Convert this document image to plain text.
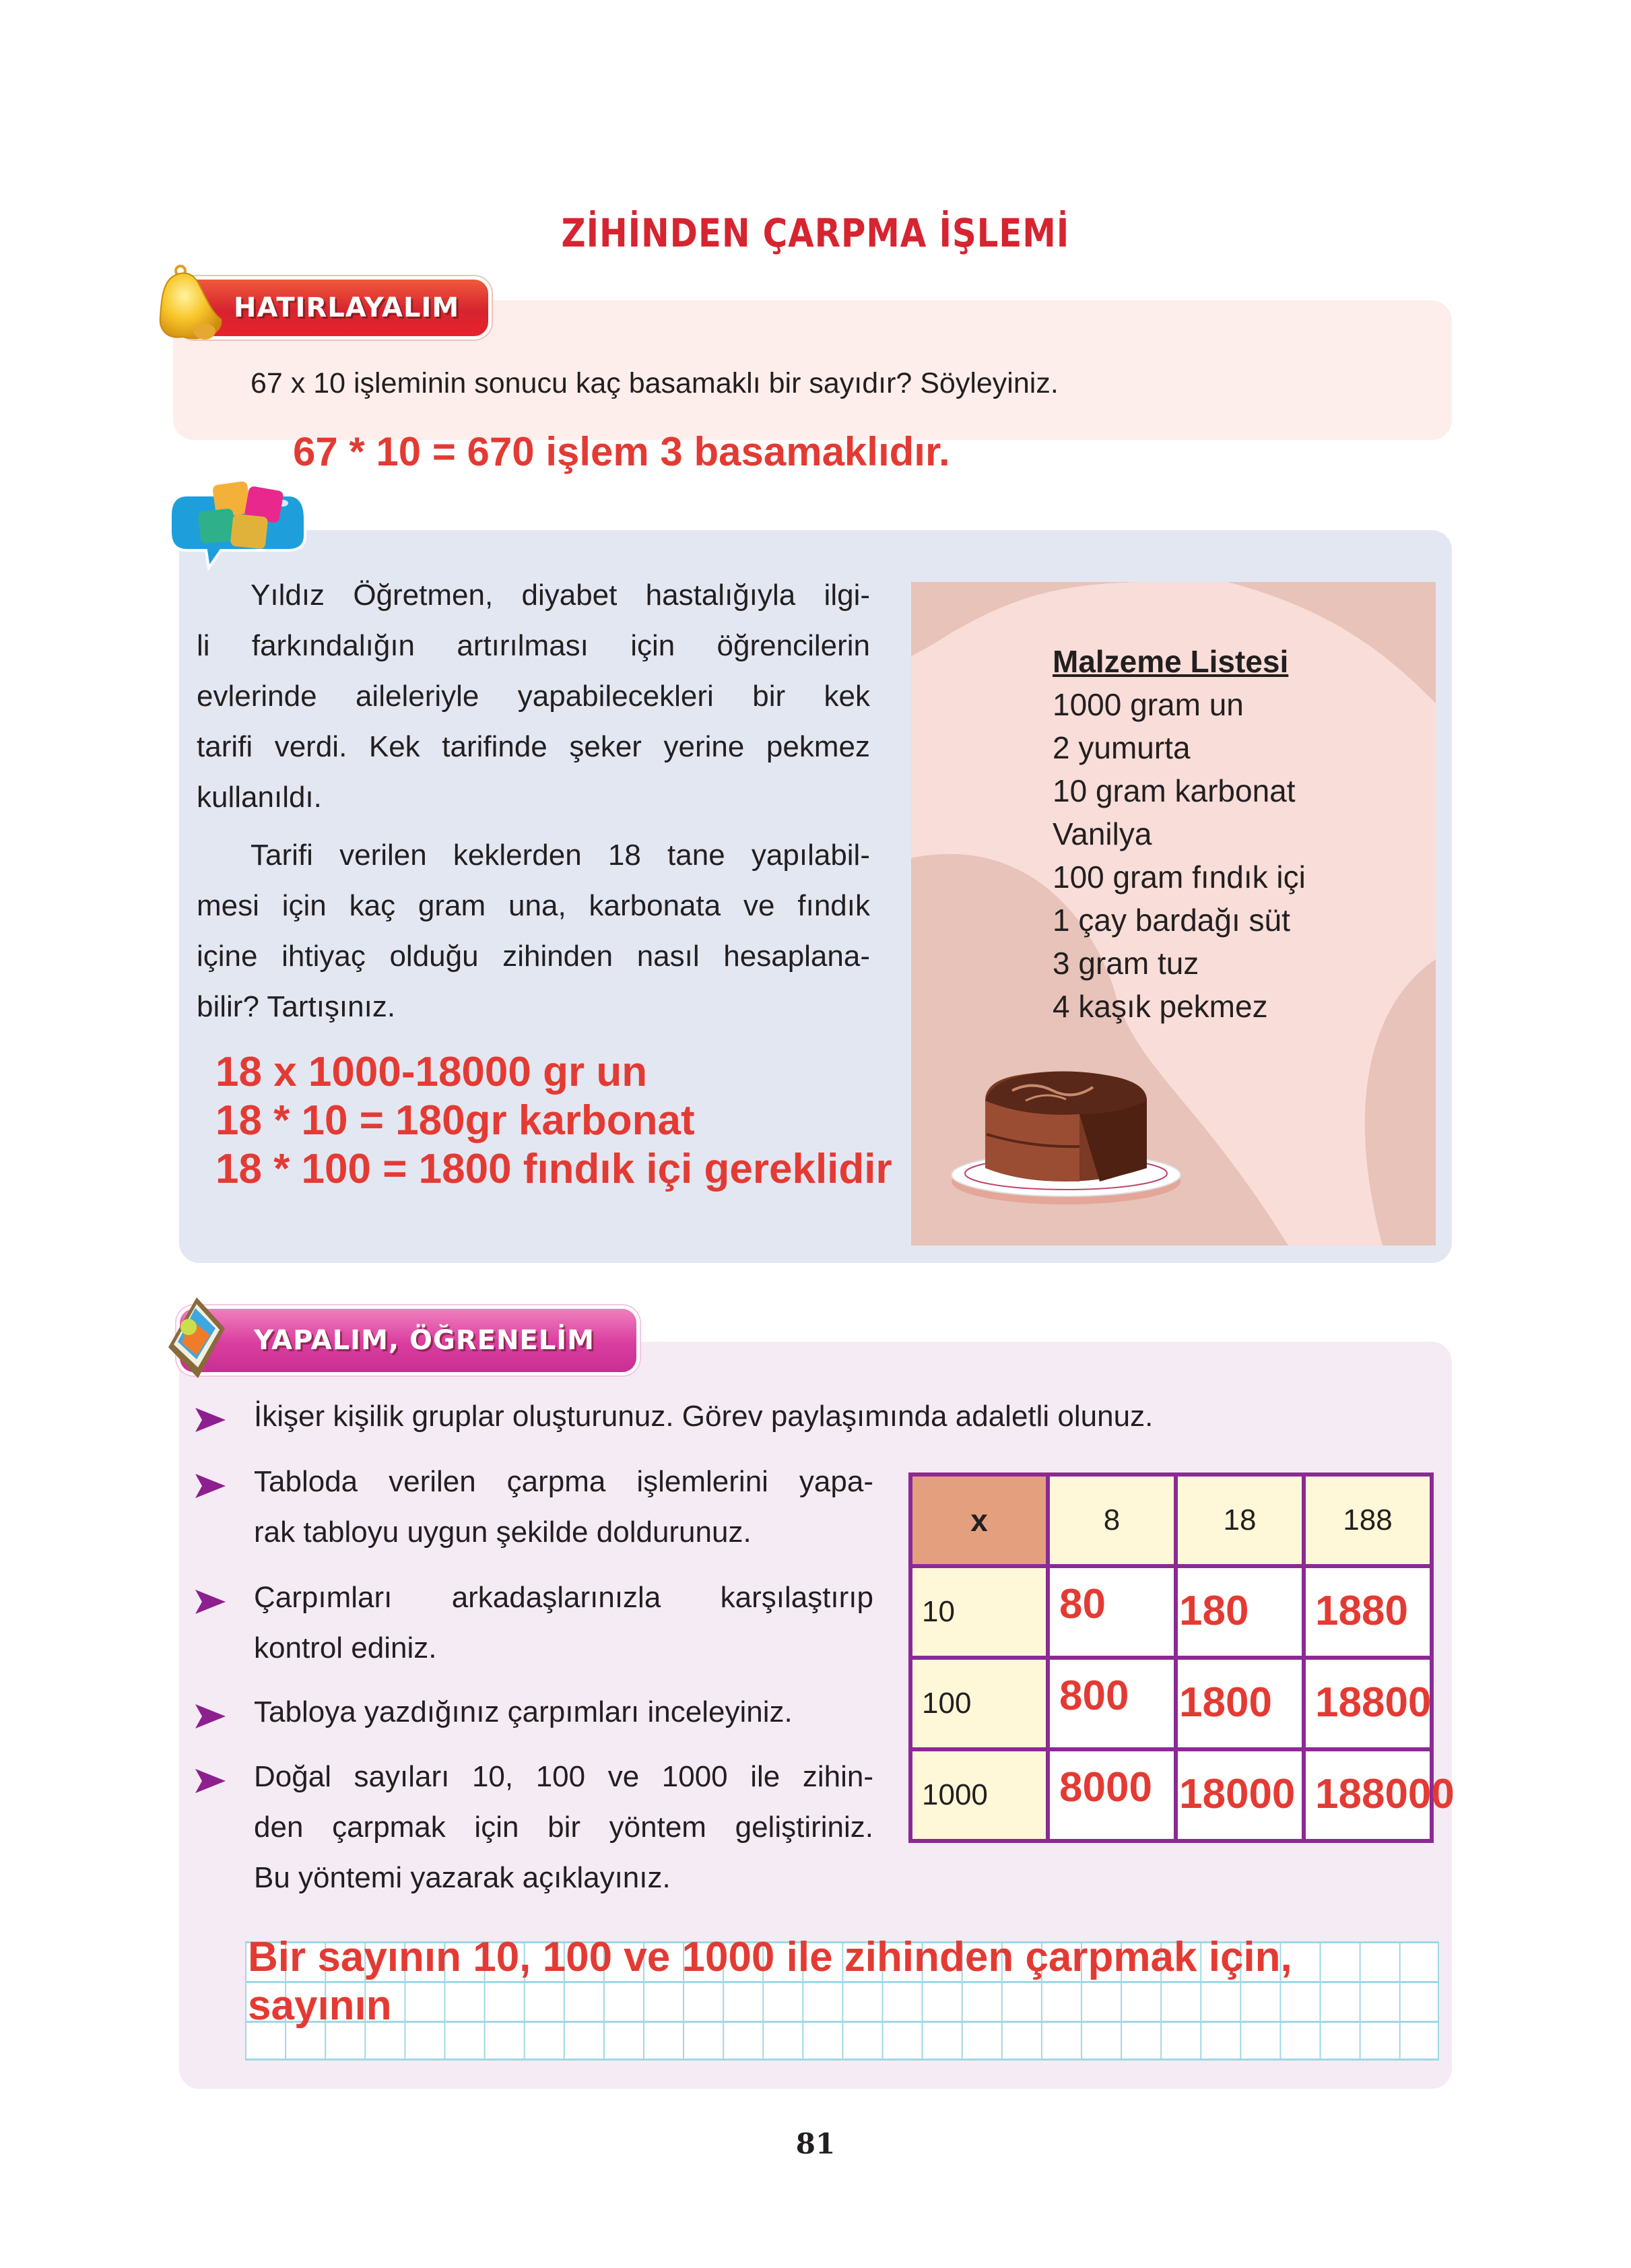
ZİHİNDEN ÇARPMA İŞLEMİ
HATIRLAYALIM
67 x 10 işleminin sonucu kaç basamaklı bir sayıdır? Söyleyiniz.
67 * 10 = 670 işlem 3 basamaklıdır.

Yıldız Öğretmen, diyabet hastalığıyla ilgi-

li farkındalığın artırılması için öğrencilerin

evlerinde aileleriyle yapabilecekleri bir kek

tarifi verdi. Kek tarifinde şeker yerine pekmez

kullanıldı.

Tarifi verilen keklerden 18 tane yapılabil-

mesi için kaç gram una, karbonata ve fındık

içine ihtiyaç olduğu zihinden nasıl hesaplana-

bilir? Tartışınız.

18 x 1000-18000 gr un
18 * 10 = 180gr karbonat
18 * 100 = 1800 fındık içi gereklidir
Malzeme Listesi
1000 gram un
2 yumurta
10 gram karbonat
Vanilya
100 gram fındık içi
1 çay bardağı süt
3 gram tuz
4 kaşık pekmez
YAPALIM, ÖĞRENELİM
İkişer kişilik gruplar oluşturunuz. Görev paylaşımında adaletli olunuz.
Tabloda verilen çarpma işlemlerini yapa-
rak tabloyu uygun şekilde doldurunuz.
Çarpımları arkadaşlarınızla karşılaştırıp
kontrol ediniz.
Tabloya yazdığınız çarpımları inceleyiniz.
Doğal sayıları 10, 100 ve 1000 ile zihin-
den çarpmak için bir yöntem geliştiriniz.
Bu yöntemi yazarak açıklayınız.
x	8	18	188
10	80	180	1880

100	800	1800	18800

1000	8000	18000	188000
Bir sayının 10, 100 ve 1000 ile zihinden çarpmak için,
sayının
81
